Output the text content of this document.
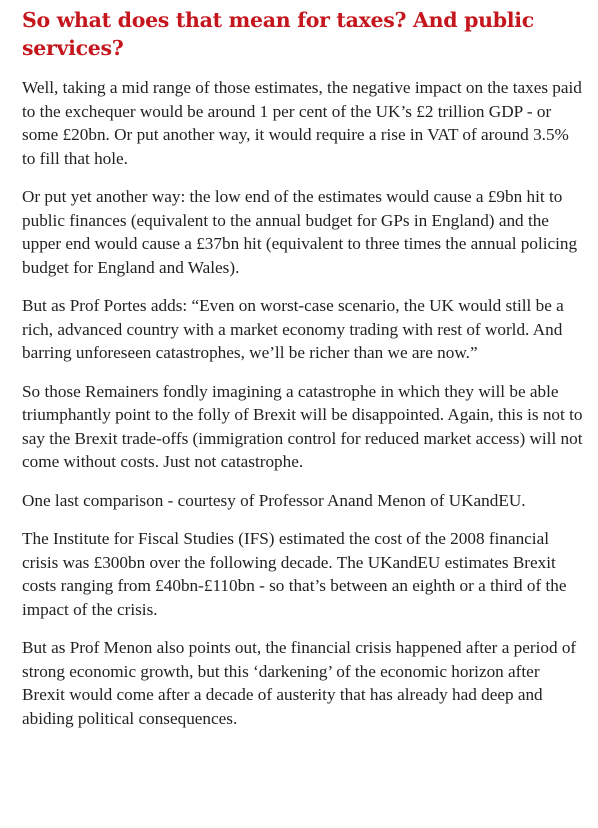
So what does that mean for taxes? And public services?

Well, taking a mid range of those estimates, the negative impact on the taxes paid to the exchequer would be around 1 per cent of the UK’s £2 trillion GDP - or some £20bn. Or put another way, it would require a rise in VAT of around 3.5% to fill that hole.

Or put yet another way: the low end of the estimates would cause a £9bn hit to public finances (equivalent to the annual budget for GPs in England) and the upper end would cause a £37bn hit (equivalent to three times the annual policing budget for England and Wales).

But as Prof Portes adds: “Even on worst-case scenario, the UK would still be a rich, advanced country with a market economy trading with rest of world. And barring unforeseen catastrophes, we’ll be richer than we are now.”

So those Remainers fondly imagining a catastrophe in which they will be able triumphantly point to the folly of Brexit will be disappointed. Again, this is not to say the Brexit trade-offs (immigration control for reduced market access) will not come without costs. Just not catastrophe.

One last comparison - courtesy of Professor Anand Menon of UKandEU.

The Institute for Fiscal Studies (IFS) estimated the cost of the 2008 financial crisis was £300bn over the following decade. The UKandEU estimates Brexit costs ranging from £40bn-£110bn - so that’s between an eighth or a third of the impact of the crisis.

But as Prof Menon also points out, the financial crisis happened after a period of strong economic growth, but this ‘darkening’ of the economic horizon after Brexit would come after a decade of austerity that has already had deep and abiding political consequences.
